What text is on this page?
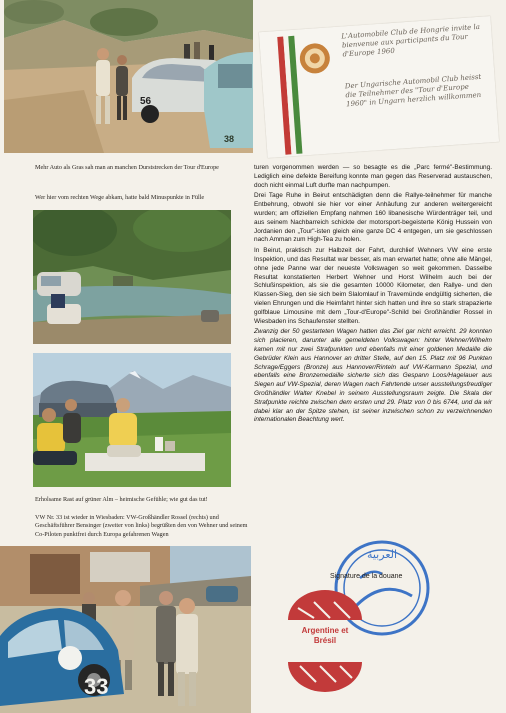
56
38
Mehr Auto als Gras sah man an manchen Durststrecken der Tour d'Europe
L'Automobile Club de Hongrie invite la bienvenue aux participants du Tour d'Europe 1960
Der Ungarische Automobil Club heisst die Teilnehmer des "Tour d'Europe 1960" in Ungarn herzlich willkommen
Wer hier vom rechten Wege abkam, hatte bald Minuspunkte in Fülle
Erholsame Rast auf grüner Alm – heimische Gefühle; wie gut das tut!
VW Nr. 33 ist wieder in Wiesbaden: VW-Großhändler Rossel (rechts) und Geschäftsführer Bensinger (zweiter von links) begrüßten den von Wehner und seinem Co-Piloten punktfrei durch Europa gefahrenen Wagen
33

turen vorgenommen werden — so besagte es die „Parc fermé"-Bestimmung. Lediglich eine defekte Bereifung konnte man gegen das Reserverad austauschen, doch nicht einmal Luft durfte man nachpumpen.

Drei Tage Ruhe in Beirut entschädigten denn die Rallye-teilnehmer für manche Entbehrung, obwohl sie hier vor einer Anhäufung zur anderen weitergereicht wurden; am offiziellen Empfang nahmen 160 libanesische Würdenträger teil, und aus seinem Nachbarreich schickte der motorsport-begeisterte König Hussein von Jordanien den „Tour"-isten gleich eine ganze DC 4 entgegen, um sie geschlossen nach Amman zum High-Tea zu holen.

In Beirut, praktisch zur Halbzeit der Fahrt, durchlief Wehners VW eine erste Inspektion, und das Resultat war besser, als man erwartet hatte; ohne alle Mängel, ohne jede Panne war der neueste Volkswagen so weit gekommen. Dasselbe Resultat konstatierten Herbert Wehner und Horst Wilhelm auch bei der Schlußinspektion, als sie die gesamten 10000 Kilometer, den Rallye- und den Klassen-Sieg, den sie sich beim Slalomlauf in Travemünde endgültig sicherten, die vielen Ehrungen und die Heimfahrt hinter sich hatten und ihre so stark strapazierte golfblaue Limousine mit dem „Tour-d'Europe"-Schild bei Großhändler Rossel in Wiesbaden ins Schaufenster stellten.

Zwanzig der 50 gestarteten Wagen hatten das Ziel gar nicht erreicht. 29 konnten sich placieren, darunter alle gemeldeten Volkswagen: hinter Wehner/Wilhelm kamen mit nur zwei Strafpunkten und ebenfalls mit einer goldenen Medaille die Gebrüder Klein aus Hannover an dritter Stelle, auf den 15. Platz mit 96 Punkten Schrage/Eggers (Bronze) aus Hannover/Rinteln auf VW-Karmann Spezial, und ebenfalls eine Bronzemedaille sicherte sich das Gespann Loos/Hagelauer aus Siegen auf VW-Spezial, deren Wagen nach Fahrtende unser ausstellungsfreudiger Großhändler Walter Knebel in seinem Ausstellungsraum zeigte. Die Skala der Strafpunkte reichte zwischen dem ersten und 29. Platz von 0 bis 6744, und da wir dabei klar an der Spitze stehen, ist seiner inzwischen schon zu verzeichnenden internationalen Beachtung wert.

العربية
Signature de la douane
Argentine et Brésil
